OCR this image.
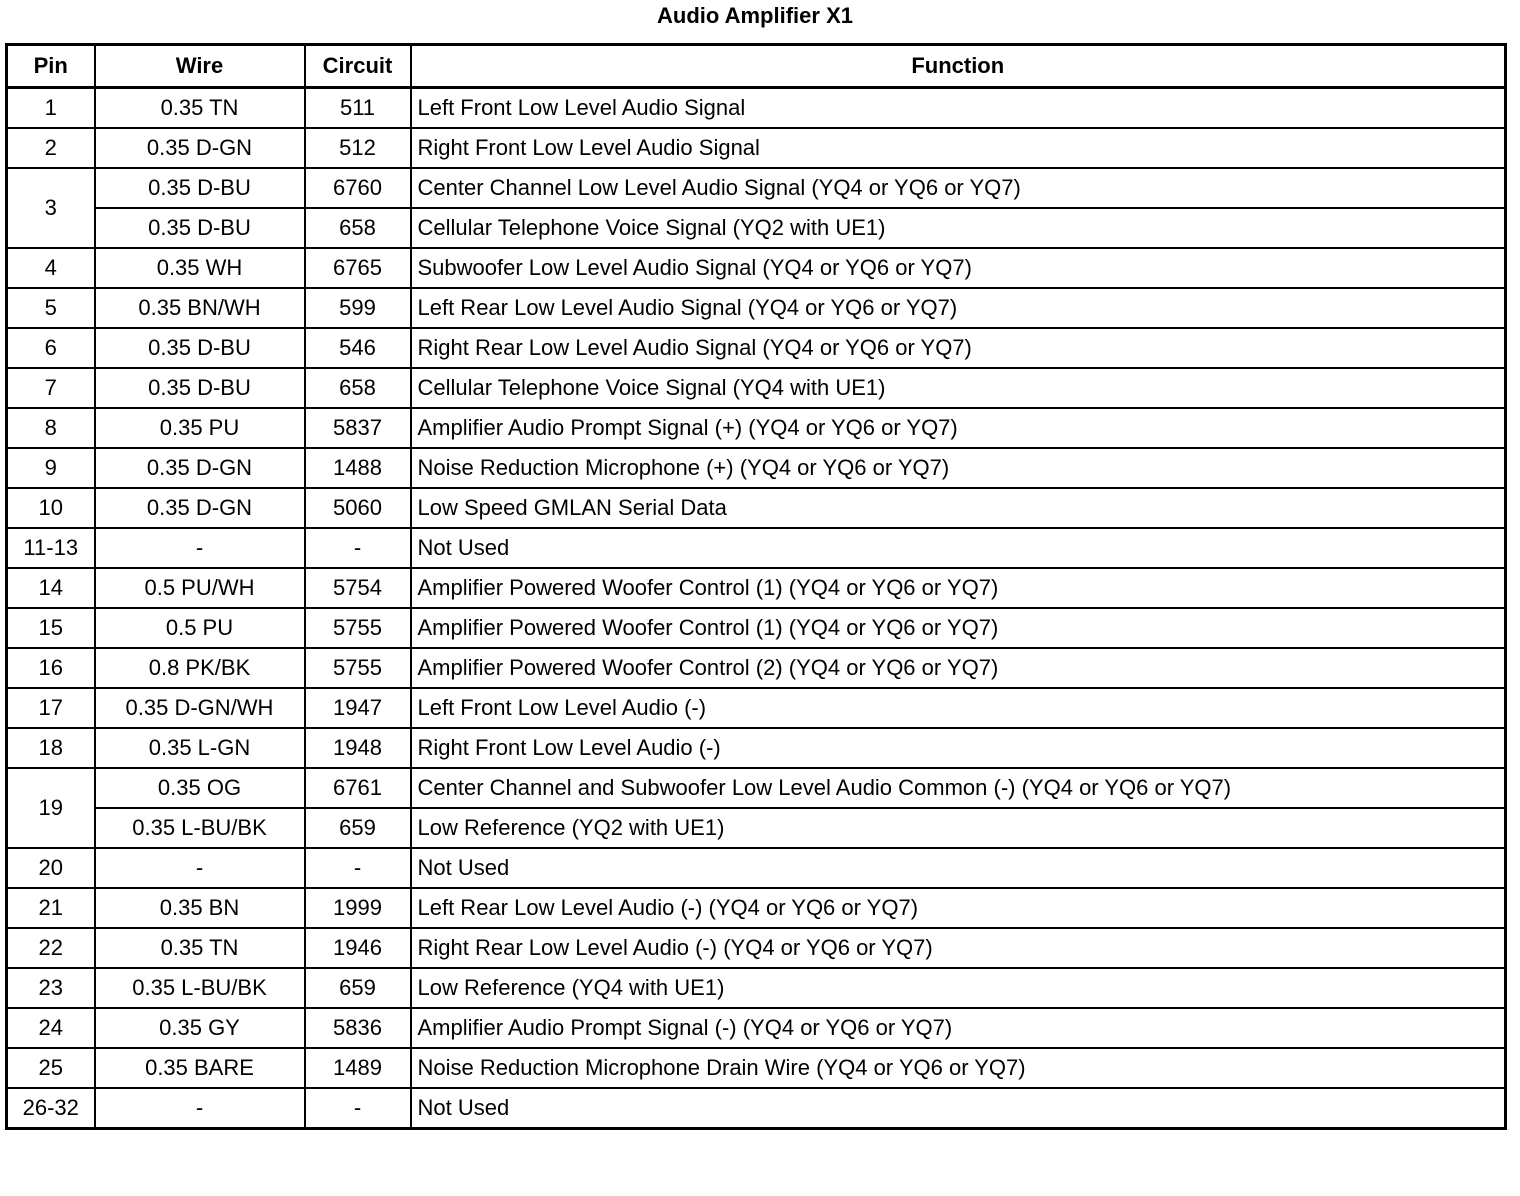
Audio Amplifier X1
Pin	Wire	Circuit	Function
1	0.35 TN	511	Left Front Low Level Audio Signal
2	0.35 D-GN	512	Right Front Low Level Audio Signal
3	0.35 D-BU	6760	Center Channel Low Level Audio Signal (YQ4 or YQ6 or YQ7)
	0.35 D-BU	658	Cellular Telephone Voice Signal (YQ2 with UE1)
4	0.35 WH	6765	Subwoofer Low Level Audio Signal (YQ4 or YQ6 or YQ7)
5	0.35 BN/WH	599	Left Rear Low Level Audio Signal (YQ4 or YQ6 or YQ7)
6	0.35 D-BU	546	Right Rear Low Level Audio Signal (YQ4 or YQ6 or YQ7)
7	0.35 D-BU	658	Cellular Telephone Voice Signal (YQ4 with UE1)
8	0.35 PU	5837	Amplifier Audio Prompt Signal (+) (YQ4 or YQ6 or YQ7)
9	0.35 D-GN	1488	Noise Reduction Microphone (+) (YQ4 or YQ6 or YQ7)
10	0.35 D-GN	5060	Low Speed GMLAN Serial Data
11-13	-	-	Not Used
14	0.5 PU/WH	5754	Amplifier Powered Woofer Control (1) (YQ4 or YQ6 or YQ7)
15	0.5 PU	5755	Amplifier Powered Woofer Control (1) (YQ4 or YQ6 or YQ7)
16	0.8 PK/BK	5755	Amplifier Powered Woofer Control (2) (YQ4 or YQ6 or YQ7)
17	0.35 D-GN/WH	1947	Left Front Low Level Audio (-)
18	0.35 L-GN	1948	Right Front Low Level Audio (-)
19	0.35 OG	6761	Center Channel and Subwoofer Low Level Audio Common (-) (YQ4 or YQ6 or YQ7)
	0.35 L-BU/BK	659	Low Reference (YQ2 with UE1)
20	-	-	Not Used
21	0.35 BN	1999	Left Rear Low Level Audio (-) (YQ4 or YQ6 or YQ7)
22	0.35 TN	1946	Right Rear Low Level Audio (-) (YQ4 or YQ6 or YQ7)
23	0.35 L-BU/BK	659	Low Reference (YQ4 with UE1)
24	0.35 GY	5836	Amplifier Audio Prompt Signal (-) (YQ4 or YQ6 or YQ7)
25	0.35 BARE	1489	Noise Reduction Microphone Drain Wire (YQ4 or YQ6 or YQ7)
26-32	-	-	Not Used
